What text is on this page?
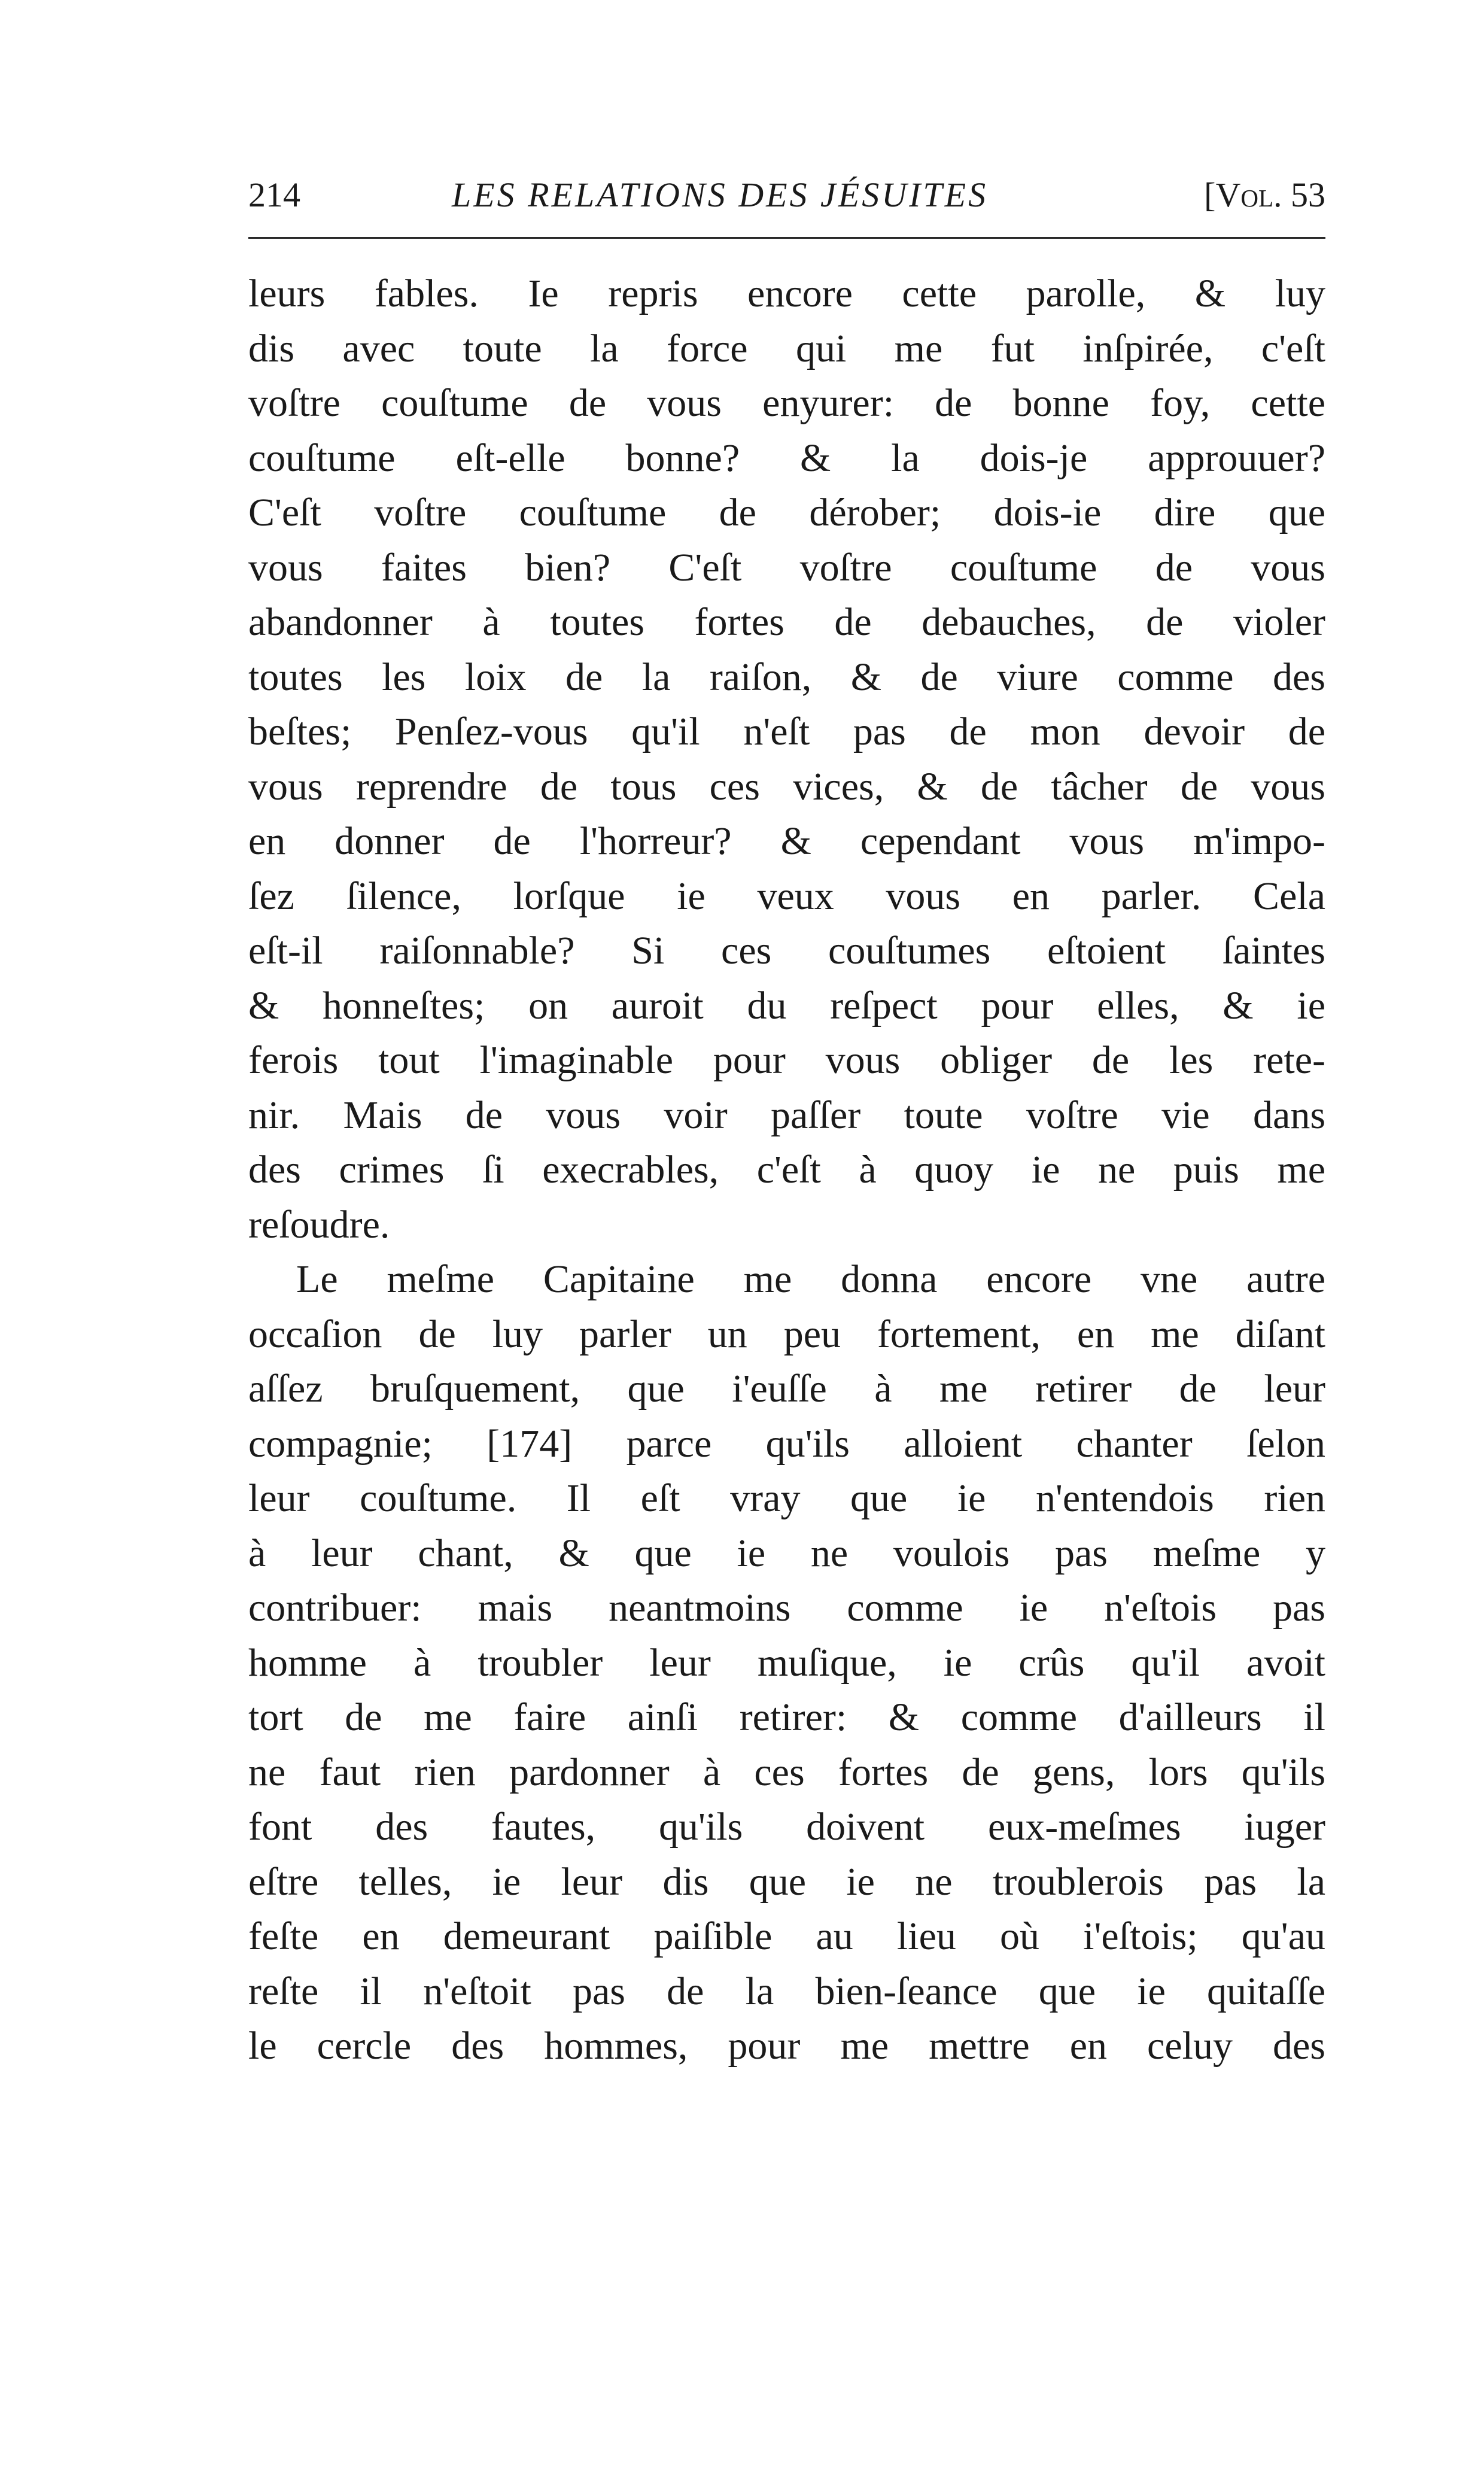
214	LES RELATIONS DES JÉSUITES	[Vol. 53
leurs fables. Ie repris encore cette parolle, & luy
dis avec toute la force qui me fut inſpirée, c'eſt
voſtre couſtume de vous enyurer: de bonne foy, cette
couſtume eſt-elle bonne? & la dois-je approuuer?
C'eſt voſtre couſtume de dérober; dois-ie dire que
vous faites bien? C'eſt voſtre couſtume de vous
abandonner à toutes fortes de debauches, de violer
toutes les loix de la raiſon, & de viure comme des
beſtes; Penſez-vous qu'il n'eſt pas de mon devoir de
vous reprendre de tous ces vices, & de tâcher de vous
en donner de l'horreur? & cependant vous m'impo-
ſez ſilence, lorſque ie veux vous en parler. Cela
eſt-il raiſonnable? Si ces couſtumes eſtoient ſaintes
& honneſtes; on auroit du reſpect pour elles, & ie
ferois tout l'imaginable pour vous obliger de les rete-
nir. Mais de vous voir paſſer toute voſtre vie dans
des crimes ſi execrables, c'eſt à quoy ie ne puis me
reſoudre.
Le meſme Capitaine me donna encore vne autre
occaſion de luy parler un peu fortement, en me diſant
aſſez bruſquement, que i'euſſe à me retirer de leur
compagnie; [174] parce qu'ils alloient chanter ſelon
leur couſtume. Il eſt vray que ie n'entendois rien
à leur chant, & que ie ne voulois pas meſme y
contribuer: mais neantmoins comme ie n'eſtois pas
homme à troubler leur muſique, ie crûs qu'il avoit
tort de me faire ainſi retirer: & comme d'ailleurs il
ne faut rien pardonner à ces fortes de gens, lors qu'ils
font des fautes, qu'ils doivent eux-meſmes iuger
eſtre telles, ie leur dis que ie ne troublerois pas la
feſte en demeurant paiſible au lieu où i'eſtois; qu'au
reſte il n'eſtoit pas de la bien-ſeance que ie quitaſſe
le cercle des hommes, pour me mettre en celuy des
